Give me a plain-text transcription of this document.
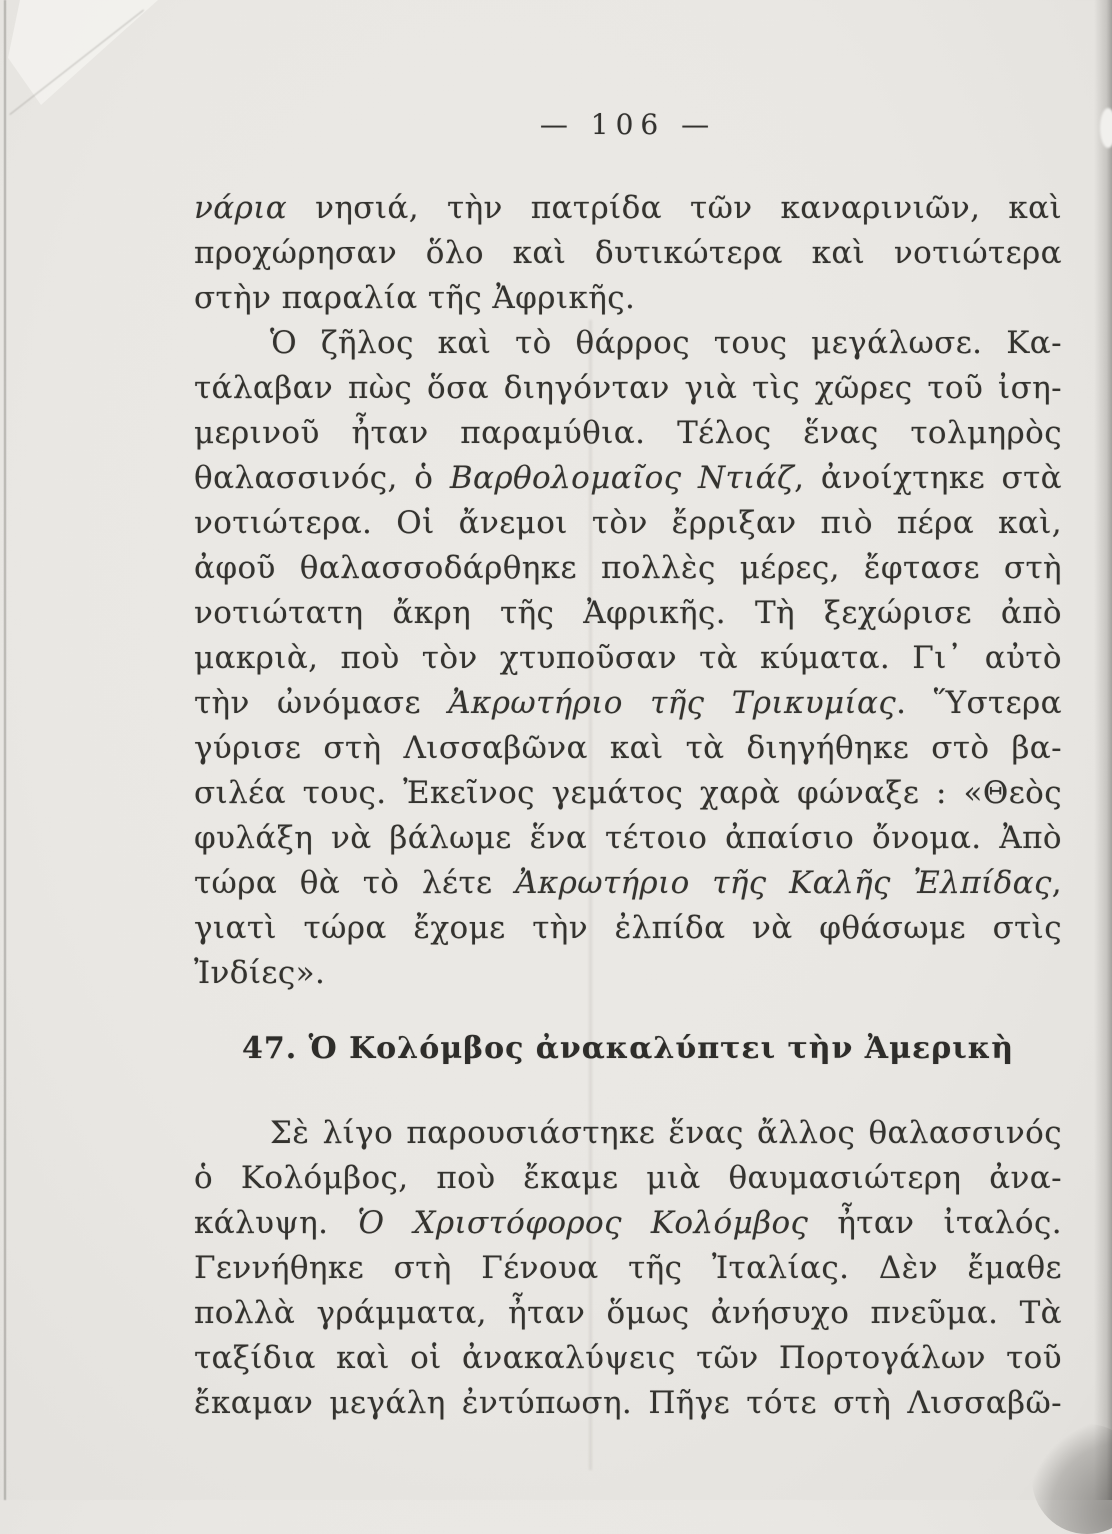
— 106 —
νάρια νησιά, τὴν πατρίδα τῶν καναρινιῶν, καὶ
προχώρησαν ὅλο καὶ δυτικώτερα καὶ νοτιώτερα
στὴν παραλία τῆς Ἀφρικῆς.
Ὁ ζῆλος καὶ τὸ θάρρος τους μεγάλωσε. Κα-
τάλαβαν πὼς ὅσα διηγόνταν γιὰ τὶς χῶρες τοῦ ἰση-
μερινοῦ ἦταν παραμύθια. Τέλος ἕνας τολμηρὸς
θαλασσινός, ὁ Βαρθολομαῖος Ντιάζ, ἀνοίχτηκε στὰ
νοτιώτερα. Οἱ ἄνεμοι τὸν ἔρριξαν πιὸ πέρα καὶ,
ἀφοῦ θαλασσοδάρθηκε πολλὲς μέρες, ἔφτασε στὴ
νοτιώτατη ἄκρη τῆς Ἀφρικῆς. Τὴ ξεχώρισε ἀπὸ
μακριὰ, ποὺ τὸν χτυποῦσαν τὰ κύματα. Γι᾽ αὐτὸ
τὴν ὠνόμασε Ἀκρωτήριο τῆς Τρικυμίας. Ὕστερα
γύρισε στὴ Λισσαβῶνα καὶ τὰ διηγήθηκε στὸ βα-
σιλέα τους. Ἐκεῖνος γεμάτος χαρὰ φώναξε : «Θεὸς
φυλάξη νὰ βάλωμε ἕνα τέτοιο ἀπαίσιο ὄνομα. Ἀπὸ
τώρα θὰ τὸ λέτε Ἀκρωτήριο τῆς Καλῆς Ἐλπίδας,
γιατὶ τώρα ἔχομε τὴν ἐλπίδα νὰ φθάσωμε στὶς
Ἰνδίες».
47. Ὁ Κολόμβος ἀνακαλύπτει τὴν Ἀμερικὴ
Σὲ λίγο παρουσιάστηκε ἕνας ἄλλος θαλασσινός
ὁ Κολόμβος, ποὺ ἔκαμε μιὰ θαυμασιώτερη ἀνα-
κάλυψη. Ὁ Χριστόφορος Κολόμβος ἦταν ἰταλός.
Γεννήθηκε στὴ Γένουα τῆς Ἰταλίας. Δὲν ἔμαθε
πολλὰ γράμματα, ἦταν ὅμως ἀνήσυχο πνεῦμα. Τὰ
ταξίδια καὶ οἱ ἀνακαλύψεις τῶν Πορτογάλων τοῦ
ἔκαμαν μεγάλη ἐντύπωση. Πῆγε τότε στὴ Λισσαβῶ-
